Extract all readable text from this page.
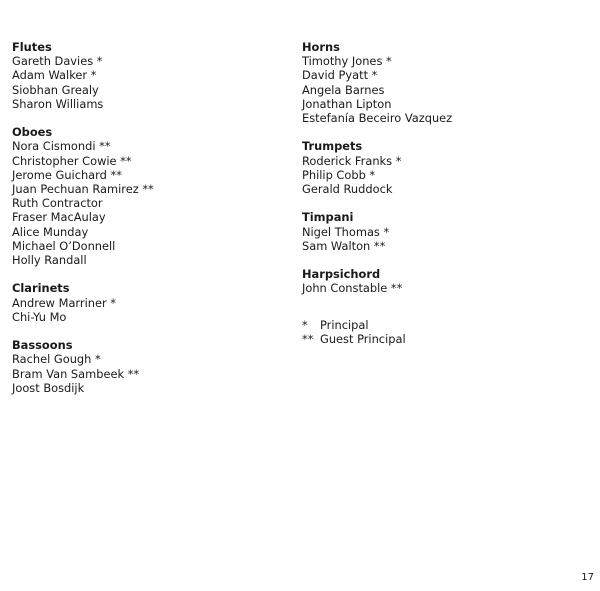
Flutes
Gareth Davies *
Adam Walker *
Siobhan Grealy
Sharon Williams
Oboes
Nora Cismondi **
Christopher Cowie **
Jerome Guichard **
Juan Pechuan Ramirez **
Ruth Contractor
Fraser MacAulay
Alice Munday
Michael O’Donnell
Holly Randall
Clarinets
Andrew Marriner *
Chi-Yu Mo
Bassoons
Rachel Gough *
Bram Van Sambeek **
Joost Bosdijk
Horns
Timothy Jones *
David Pyatt *
Angela Barnes
Jonathan Lipton
Estefanía Beceiro Vazquez
Trumpets
Roderick Franks *
Philip Cobb *
Gerald Ruddock
Timpani
Nigel Thomas *
Sam Walton **
Harpsichord
John Constable **
* Principal
** Guest Principal
17
